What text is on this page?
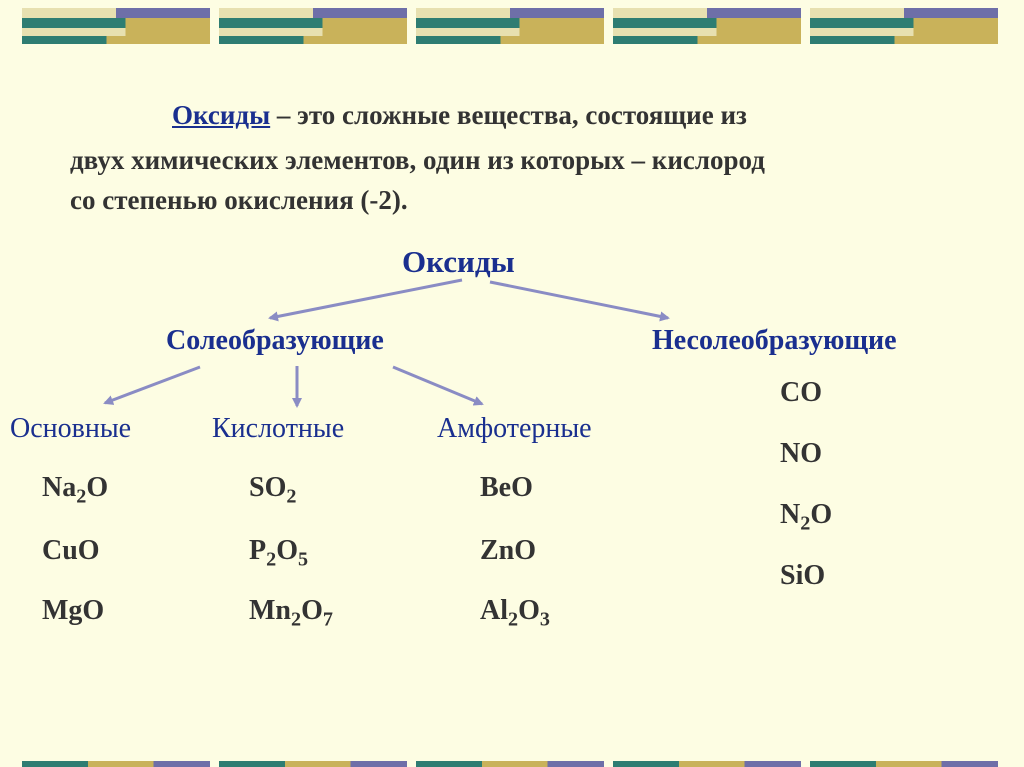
Оксиды – это сложные вещества, состоящие из
двух химических элементов, один из которых – кислород
со степенью окисления (-2).
Оксиды
Солеобразующие	Несолеобразующие
Основные	Кислотные	Амфотерные
$Na_2O$
CuO
MgO
$SO_2$
$P_2O_5$
$Mn_2O_7$
BeO
ZnO
$Al_2O_3$
CO
NO
$N_2O$
SiO
